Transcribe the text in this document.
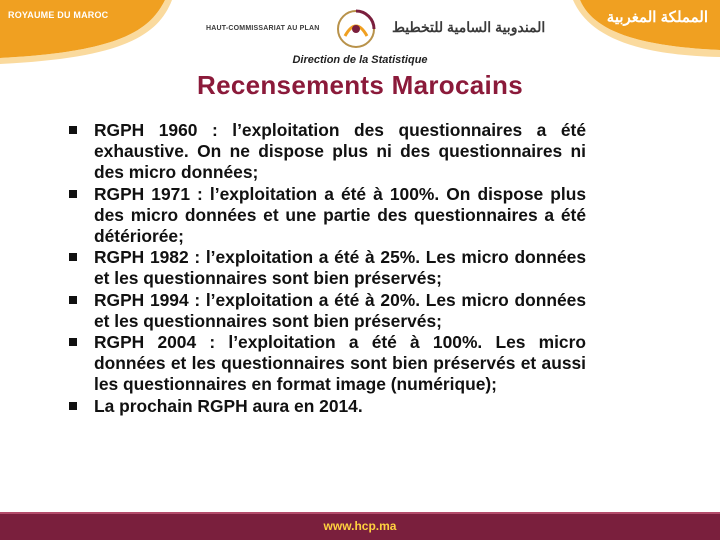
ROYAUME DU MAROC	المملكة المغربية
HAUT-COMMISSARIAT AU PLAN	المندوبية السامية للتخطيط
Direction de la Statistique
Recensements Marocains
RGPH 1960 : l’exploitation des questionnaires a été exhaustive. On ne dispose plus ni des questionnaires ni des micro données;
RGPH 1971 : l’exploitation a été à 100%. On dispose plus des micro données et une partie des questionnaires a été détériorée;
RGPH 1982 : l’exploitation a été à 25%. Les micro données et les questionnaires sont bien préservés;
RGPH 1994 : l’exploitation a été à 20%. Les micro données et les questionnaires sont bien préservés;
RGPH 2004 : l’exploitation a été à 100%. Les micro données et les questionnaires sont bien préservés et aussi les questionnaires en format image (numérique);
La prochain RGPH aura en 2014.
www.hcp.ma
